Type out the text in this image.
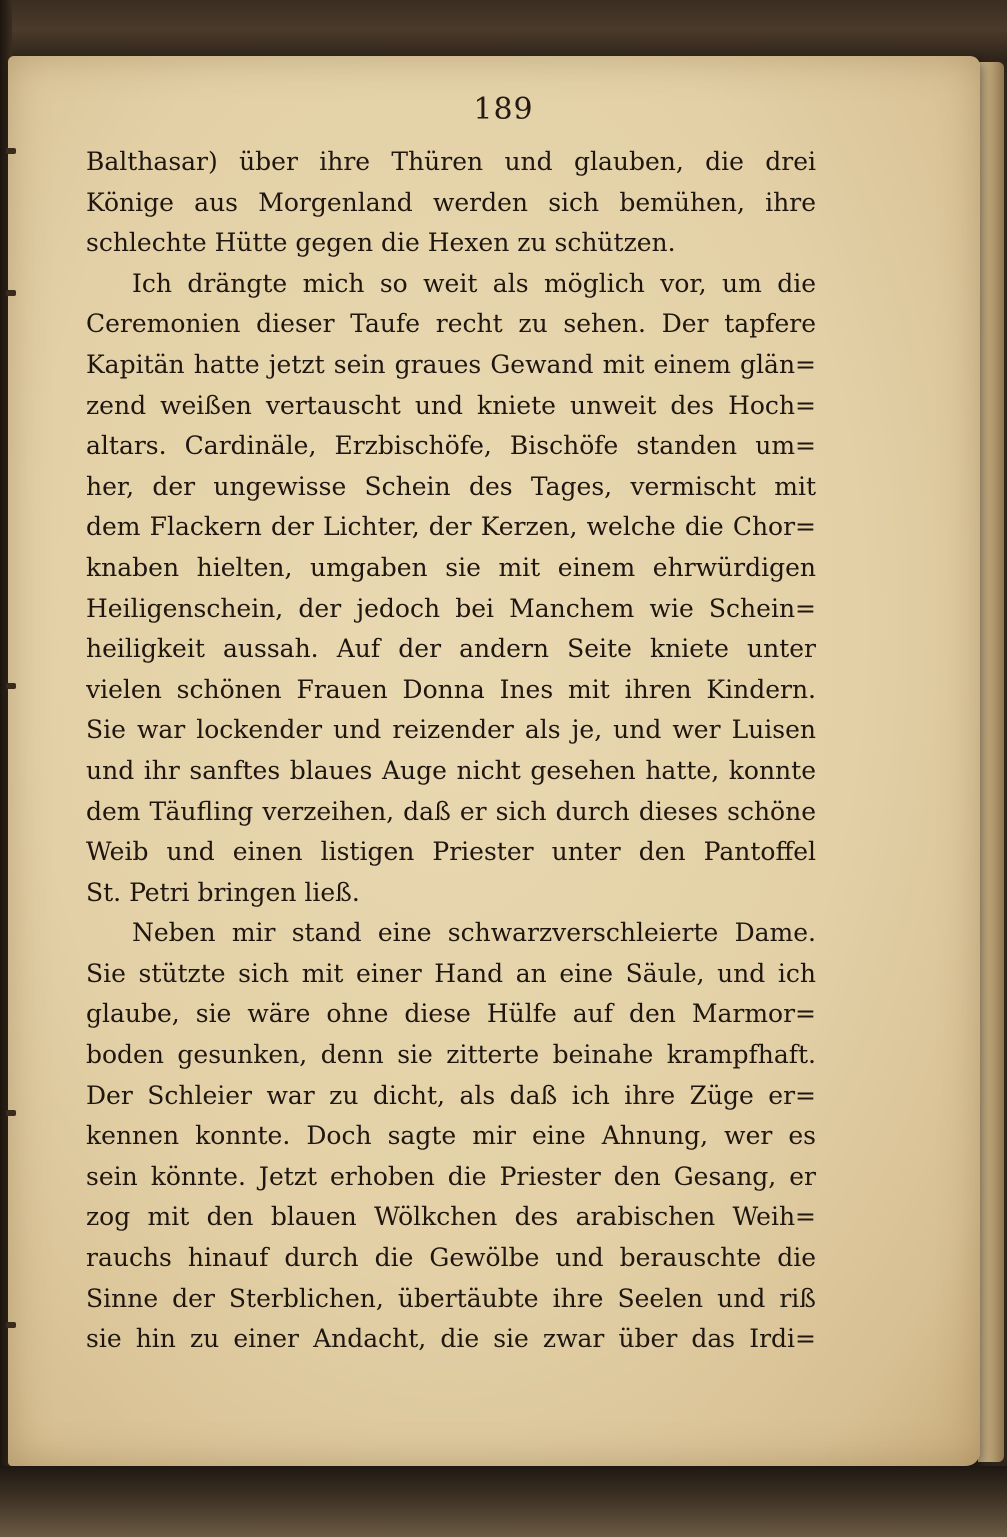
189
Balthasar) über ihre Thüren und glauben, die drei
Könige aus Morgenland werden sich bemühen, ihre
schlechte Hütte gegen die Hexen zu schützen.
Ich drängte mich so weit als möglich vor, um die
Ceremonien dieser Taufe recht zu sehen. Der tapfere
Kapitän hatte jetzt sein graues Gewand mit einem glän=
zend weißen vertauscht und kniete unweit des Hoch=
altars. Cardinäle, Erzbischöfe, Bischöfe standen um=
her, der ungewisse Schein des Tages, vermischt mit
dem Flackern der Lichter, der Kerzen, welche die Chor=
knaben hielten, umgaben sie mit einem ehrwürdigen
Heiligenschein, der jedoch bei Manchem wie Schein=
heiligkeit aussah. Auf der andern Seite kniete unter
vielen schönen Frauen Donna Ines mit ihren Kindern.
Sie war lockender und reizender als je, und wer Luisen
und ihr sanftes blaues Auge nicht gesehen hatte, konnte
dem Täufling verzeihen, daß er sich durch dieses schöne
Weib und einen listigen Priester unter den Pantoffel
St. Petri bringen ließ.
Neben mir stand eine schwarzverschleierte Dame.
Sie stützte sich mit einer Hand an eine Säule, und ich
glaube, sie wäre ohne diese Hülfe auf den Marmor=
boden gesunken, denn sie zitterte beinahe krampfhaft.
Der Schleier war zu dicht, als daß ich ihre Züge er=
kennen konnte. Doch sagte mir eine Ahnung, wer es
sein könnte. Jetzt erhoben die Priester den Gesang, er
zog mit den blauen Wölkchen des arabischen Weih=
rauchs hinauf durch die Gewölbe und berauschte die
Sinne der Sterblichen, übertäubte ihre Seelen und riß
sie hin zu einer Andacht, die sie zwar über das Irdi=
